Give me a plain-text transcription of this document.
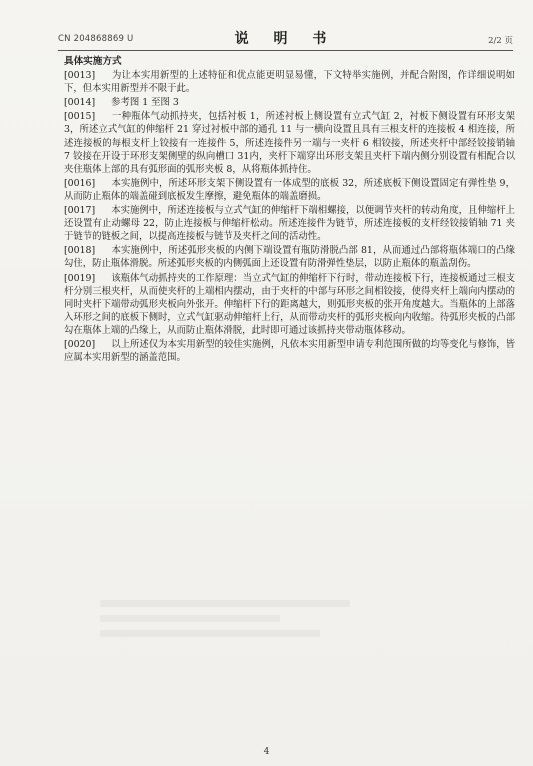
CN 204868869 U	说 明 书	2/2 页
具体实施方式

[0013] 为让本实用新型的上述特征和优点能更明显易懂，下文特举实施例，并配合附图，作详细说明如下，但本实用新型并不限于此。

[0014] 参考图 1 至图 3

[0015] 一种瓶体气动抓持夹，包括衬板 1，所述衬板上侧设置有立式气缸 2，衬板下侧设置有环形支架3，所述立式气缸的伸缩杆 21 穿过衬板中部的通孔 11 与一横向设置且具有三根支杆的连接板 4 相连接，所述连接板的每根支杆上铰接有一连接件 5，所述连接件另一端与一夹杆 6 相铰接，所述夹杆中部经铰接销轴 7 铰接在开设于环形支架侧壁的纵向槽口 31内，夹杆下端穿出环形支架且夹杆下端内侧分别设置有相配合以夹住瓶体上部的具有弧形面的弧形夹板 8，从将瓶体抓持住。

[0016] 本实施例中，所述环形支架下侧设置有一体成型的底板 32，所述底板下侧设置固定有弹性垫 9，从而防止瓶体的端盖碰到底板发生摩擦，避免瓶体的端盖磨损。

[0017] 本实施例中，所述连接板与立式气缸的伸缩杆下端相螺接，以便调节夹杆的转动角度，且伸缩杆上还设置有止动螺母 22，防止连接板与伸缩杆松动。所述连接件为链节，所述连接板的支杆经铰接销轴 71 夹于链节的链板之间，以提高连接板与链节及夹杆之间的活动性。

[0018] 本实施例中，所述弧形夹板的内侧下端设置有瓶防滑脱凸部 81，从而通过凸部将瓶体端口的凸缘勾住，防止瓶体滑脱。所述弧形夹板的内侧弧面上还设置有防滑弹性垫层，以防止瓶体的瓶盖刮伤。

[0019] 该瓶体气动抓持夹的工作原理：当立式气缸的伸缩杆下行时，带动连接板下行，连接板通过三根支杆分别三根夹杆，从而使夹杆的上端相内摆动，由于夹杆的中部与环形之间相铰接，使得夹杆上端向内摆动的同时夹杆下端带动弧形夹板向外张开。伸缩杆下行的距离越大，则弧形夹板的张开角度越大。当瓶体的上部落入环形之间的底板下侧时，立式气缸驱动伸缩杆上行，从而带动夹杆的弧形夹板向内收缩。待弧形夹板的凸部勾在瓶体上端的凸缘上，从而防止瓶体滑脱，此时即可通过该抓持夹带动瓶体移动。

[0020] 以上所述仅为本实用新型的较佳实施例，凡依本实用新型申请专利范围所做的均等变化与修饰，皆应属本实用新型的涵盖范围。

4
